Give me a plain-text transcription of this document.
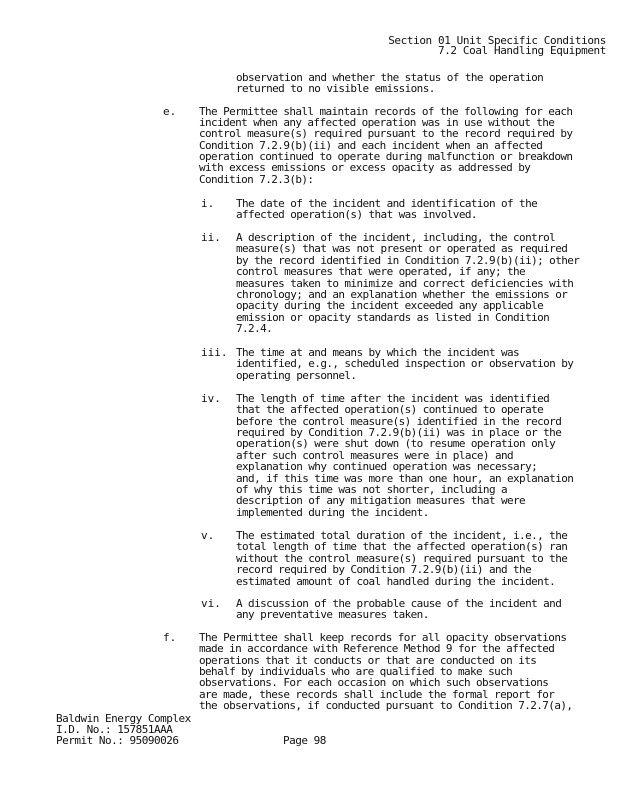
Section 01 Unit Specific Conditions
7.2 Coal Handling Equipment
observation and whether the status of the operation
returned to no visible emissions.
e. The Permittee shall maintain records of the following for each
incident when any affected operation was in use without the
control measure(s) required pursuant to the record required by
Condition 7.2.9(b)(ii) and each incident when an affected
operation continued to operate during malfunction or breakdown
with excess emissions or excess opacity as addressed by
Condition 7.2.3(b):
i. The date of the incident and identification of the
affected operation(s) that was involved.
ii. A description of the incident, including, the control
measure(s) that was not present or operated as required
by the record identified in Condition 7.2.9(b)(ii); other
control measures that were operated, if any; the
measures taken to minimize and correct deficiencies with
chronology; and an explanation whether the emissions or
opacity during the incident exceeded any applicable
emission or opacity standards as listed in Condition
7.2.4.
iii. The time at and means by which the incident was
identified, e.g., scheduled inspection or observation by
operating personnel.
iv. The length of time after the incident was identified
that the affected operation(s) continued to operate
before the control measure(s) identified in the record
required by Condition 7.2.9(b)(ii) was in place or the
operation(s) were shut down (to resume operation only
after such control measures were in place) and
explanation why continued operation was necessary;
and, if this time was more than one hour, an explanation
of why this time was not shorter, including a
description of any mitigation measures that were
implemented during the incident.
v. The estimated total duration of the incident, i.e., the
total length of time that the affected operation(s) ran
without the control measure(s) required pursuant to the
record required by Condition 7.2.9(b)(ii) and the
estimated amount of coal handled during the incident.
vi. A discussion of the probable cause of the incident and
any preventative measures taken.
f. The Permittee shall keep records for all opacity observations
made in accordance with Reference Method 9 for the affected
operations that it conducts or that are conducted on its
behalf by individuals who are qualified to make such
observations. For each occasion on which such observations
are made, these records shall include the formal report for
the observations, if conducted pursuant to Condition 7.2.7(a),
Baldwin Energy Complex
I.D. No.: 157851AAA
Permit No.: 95090026	Page 98
